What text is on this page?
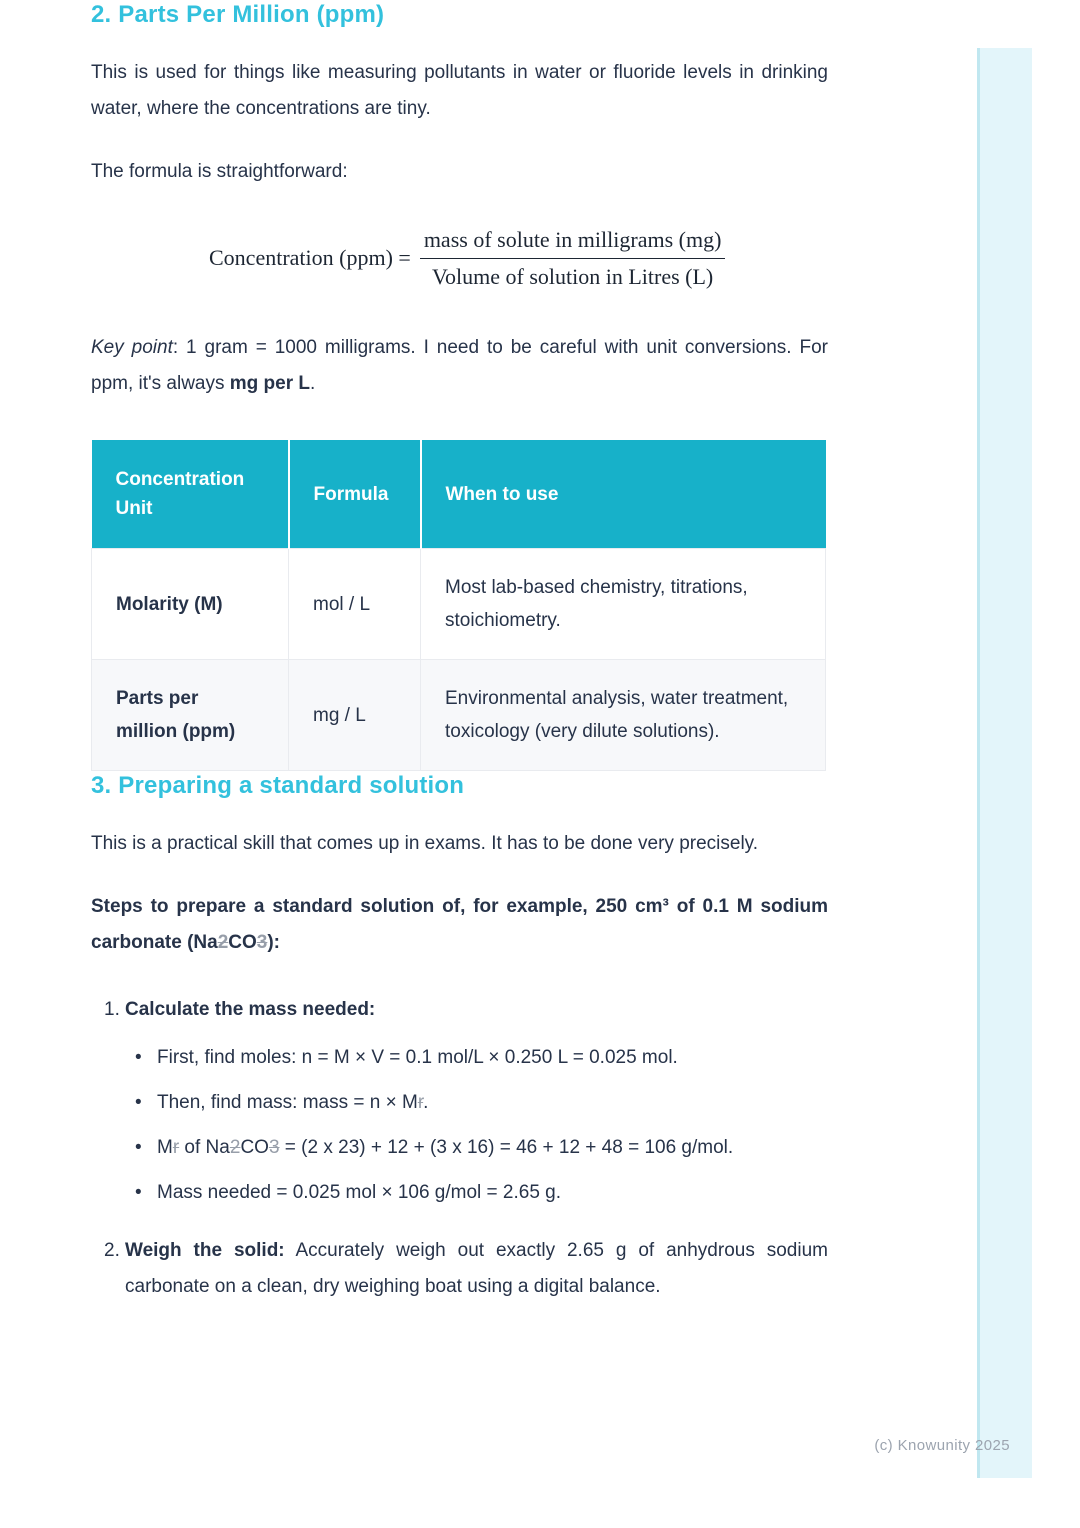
2. Parts Per Million (ppm)

This is used for things like measuring pollutants in water or fluoride levels in drinking water, where the concentrations are tiny.

The formula is straightforward:

Concentration $(ppm) = \frac{\text{mass of solute in milligrams (mg)}}{\text{Volume of solution in Litres (L)}}$

Key point: 1 gram = 1000 milligrams. I need to be careful with unit conversions. For ppm, it's always mg per L.

Concentration Unit	Formula	When to use
Molarity (M)	mol / L	Most lab-based chemistry, titrations, stoichiometry.
Parts per million (ppm)	mg / L	Environmental analysis, water treatment, toxicology (very dilute solutions).
3. Preparing a standard solution

This is a practical skill that comes up in exams. It has to be done very precisely.

Steps to prepare a standard solution of, for example, 250 cm³ of 0.1 M sodium carbonate (Na2CO3):

1. Calculate the mass needed:
•
First, find moles: n = M × V = 0.1 mol/L × 0.250 L = 0.025 mol.
•
Then, find mass: mass = n × Mr.
•
Mr of Na2CO3 = (2 x 23) + 12 + (3 x 16) = 46 + 12 + 48 = 106 g/mol.
•
Mass needed = 0.025 mol × 106 g/mol = 2.65 g.
2. Weigh the solid: Accurately weigh out exactly 2.65 g of anhydrous sodium carbonate on a clean, dry weighing boat using a digital balance.
(c) Knowunity 2025
